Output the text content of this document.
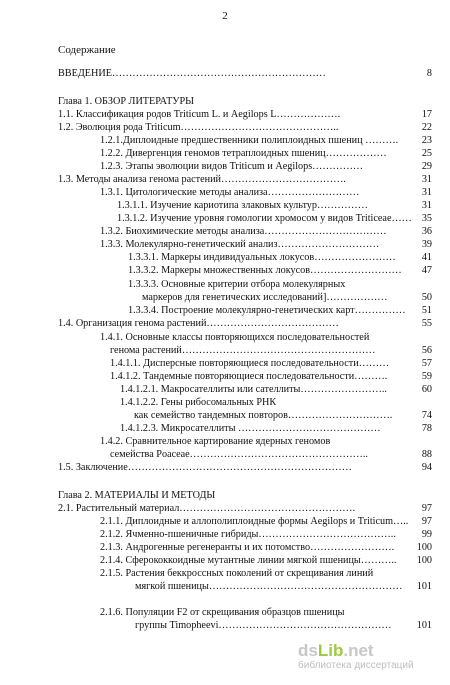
2
Содержание
ВВЕДЕНИЕ………………………………………………………	8
Глава 1. ОБЗОР ЛИТЕРАТУРЫ
1.1. Классификация родов Triticum L. и Aegilops L……………….	17
1.2. Эволюция рода Triticum………………………………………..	22
1.2.1.Диплоидные предшественники полиплоидных пшениц ……….	23
1.2.2. Дивергенция геномов тетраплоидных пшениц………………	25
1.2.3. Этапы эволюции видов Triticum и Aegilops……………	29
1.3. Методы анализа генома растений……………………………….	31
1.3.1. Цитологические методы анализа………………………	31
1.3.1.1. Изучение кариотипа злаковых культур……………	31
1.3.1.2. Изучение уровня гомологии хромосом у видов Triticeae…… 35
1.3.2. Биохимические методы анализа………………………………	36
1.3.3. Молекулярно-генетический анализ…………………………	39
1.3.3.1. Маркеры индивидуальных локусов……………………	41
1.3.3.2. Маркеры множественных локусов………………………	47
1.3.3.3. Основные критерии отбора молекулярных
маркеров для генетических исследований]………………	50
1.3.3.4. Построение молекулярно-генетических карт……………	51
1.4. Организация генома растений…………………………………	55
1.4.1. Основные классы повторяющихся последовательностей
генома растений…………………………………………………	56
1.4.1.1. Дисперсные повторяющиеся последовательности………	57
1.4.1.2. Тандемные повторяющиеся последовательности……….	59
1.4.1.2.1. Макросателлиты или сателлиты……………………..	60
1.4.1.2.2. Гены рибосомальных РНК
как семейство тандемных повторов………………………….	74
1.4.1.2.3. Микросателлиты ……………………………………	78
1.4.2. Сравнительное картирование ядерных геномов
семейства Poaceae……………………………………………..	88
1.5. Заключение…………………………………………………………	94
Глава 2. МАТЕРИАЛЫ И МЕТОДЫ
2.1. Растительный материал…………………………………………….	97
2.1.1. Диплоидные и аллополиплоидные формы Aegilops и Triticum…..	97
2.1.2. Ячменно-пшеничные гибриды…………………………………..	99
2.1.3. Андрогенные регенеранты и их потомство…………………….	100
2.1.4. Сферококкоидные мутантные линии мягкой пшеницы………..	100
2.1.5. Растения беккроссных поколений от скрещивания линий
мягкой пшеницы…………………………………………………	101
2.1.6. Популяции F2 от скрещивания образцов пшеницы
группы Timopheevi……………………………………………	101
ds Lib .net
библиотека диссертаций
